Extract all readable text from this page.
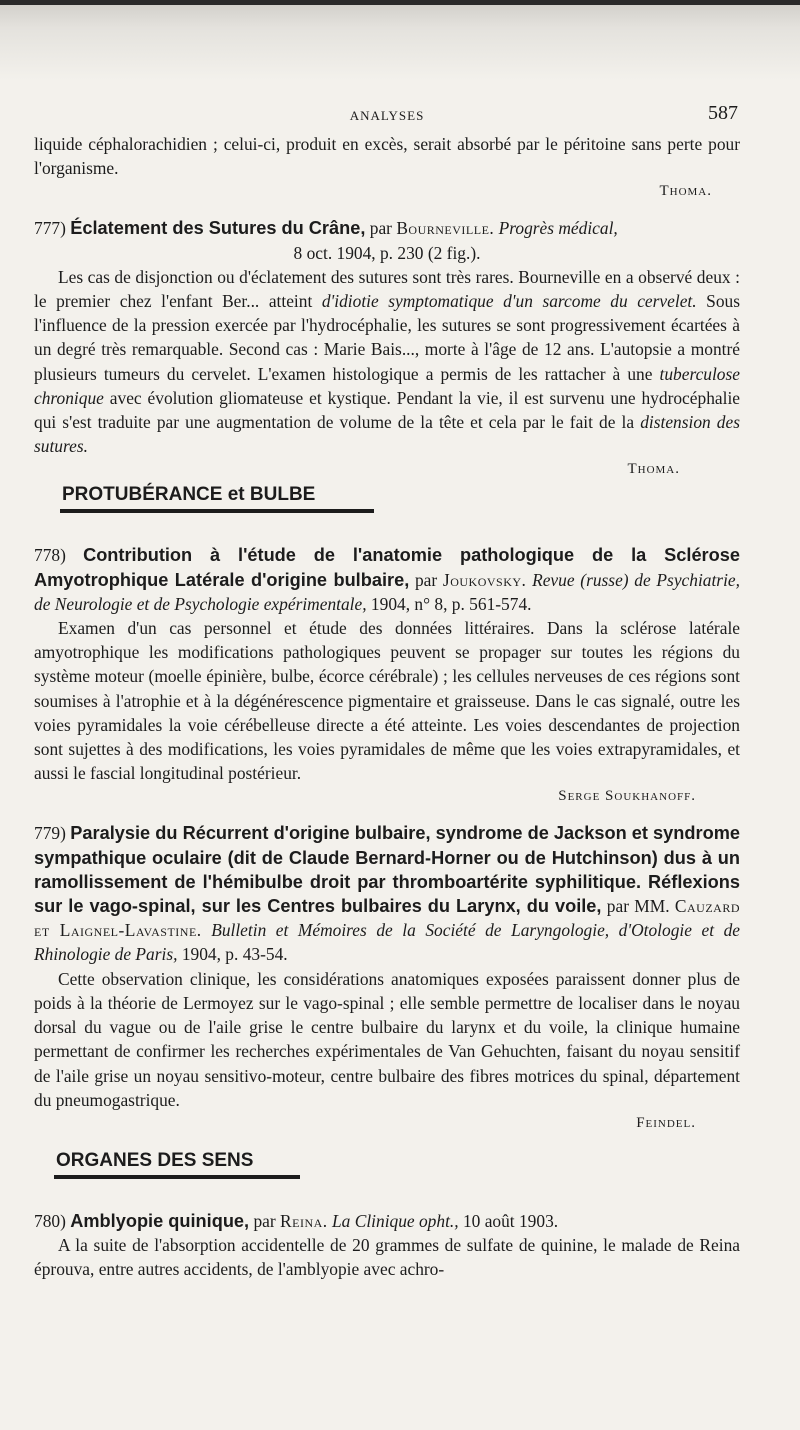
ANALYSES	587

liquide céphalorachidien ; celui-ci, produit en excès, serait absorbé par le péritoine sans perte pour l'organisme.

Thoma.

777) Éclatement des Sutures du Crâne, par Bourneville. Progrès médical,

8 oct. 1904, p. 230 (2 fig.).

Les cas de disjonction ou d'éclatement des sutures sont très rares. Bourneville en a observé deux : le premier chez l'enfant Ber... atteint d'idiotie symptomatique d'un sarcome du cervelet. Sous l'influence de la pression exercée par l'hydrocéphalie, les sutures se sont progressivement écartées à un degré très remarquable. Second cas : Marie Bais..., morte à l'âge de 12 ans. L'autopsie a montré plusieurs tumeurs du cervelet. L'examen histologique a permis de les rattacher à une tuberculose chronique avec évolution gliomateuse et kystique. Pendant la vie, il est survenu une hydrocéphalie qui s'est traduite par une augmentation de volume de la tête et cela par le fait de la distension des sutures.

Thoma.

PROTUBÉRANCE et BULBE

778) Contribution à l'étude de l'anatomie pathologique de la Sclérose Amyotrophique Latérale d'origine bulbaire, par Joukovsky. Revue (russe) de Psychiatrie, de Neurologie et de Psychologie expérimentale, 1904, n° 8, p. 561-574.

Examen d'un cas personnel et étude des données littéraires. Dans la sclérose latérale amyotrophique les modifications pathologiques peuvent se propager sur toutes les régions du système moteur (moelle épinière, bulbe, écorce cérébrale) ; les cellules nerveuses de ces régions sont soumises à l'atrophie et à la dégénérescence pigmentaire et graisseuse. Dans le cas signalé, outre les voies pyramidales la voie cérébelleuse directe a été atteinte. Les voies descendantes de projection sont sujettes à des modifications, les voies pyramidales de même que les voies extrapyramidales, et aussi le fascial longitudinal postérieur.

Serge Soukhanoff.

779) Paralysie du Récurrent d'origine bulbaire, syndrome de Jackson et syndrome sympathique oculaire (dit de Claude Bernard-Horner ou de Hutchinson) dus à un ramollissement de l'hémibulbe droit par thromboartérite syphilitique. Réflexions sur le vago-spinal, sur les Centres bulbaires du Larynx, du voile, par MM. Cauzard et Laignel-Lavastine. Bulletin et Mémoires de la Société de Laryngologie, d'Otologie et de Rhinologie de Paris, 1904, p. 43-54.

Cette observation clinique, les considérations anatomiques exposées paraissent donner plus de poids à la théorie de Lermoyez sur le vago-spinal ; elle semble permettre de localiser dans le noyau dorsal du vague ou de l'aile grise le centre bulbaire du larynx et du voile, la clinique humaine permettant de confirmer les recherches expérimentales de Van Gehuchten, faisant du noyau sensitif de l'aile grise un noyau sensitivo-moteur, centre bulbaire des fibres motrices du spinal, département du pneumogastrique.

Feindel.

ORGANES DES SENS

780) Amblyopie quinique, par Reina. La Clinique opht., 10 août 1903.

A la suite de l'absorption accidentelle de 20 grammes de sulfate de quinine, le malade de Reina éprouva, entre autres accidents, de l'amblyopie avec achro-
